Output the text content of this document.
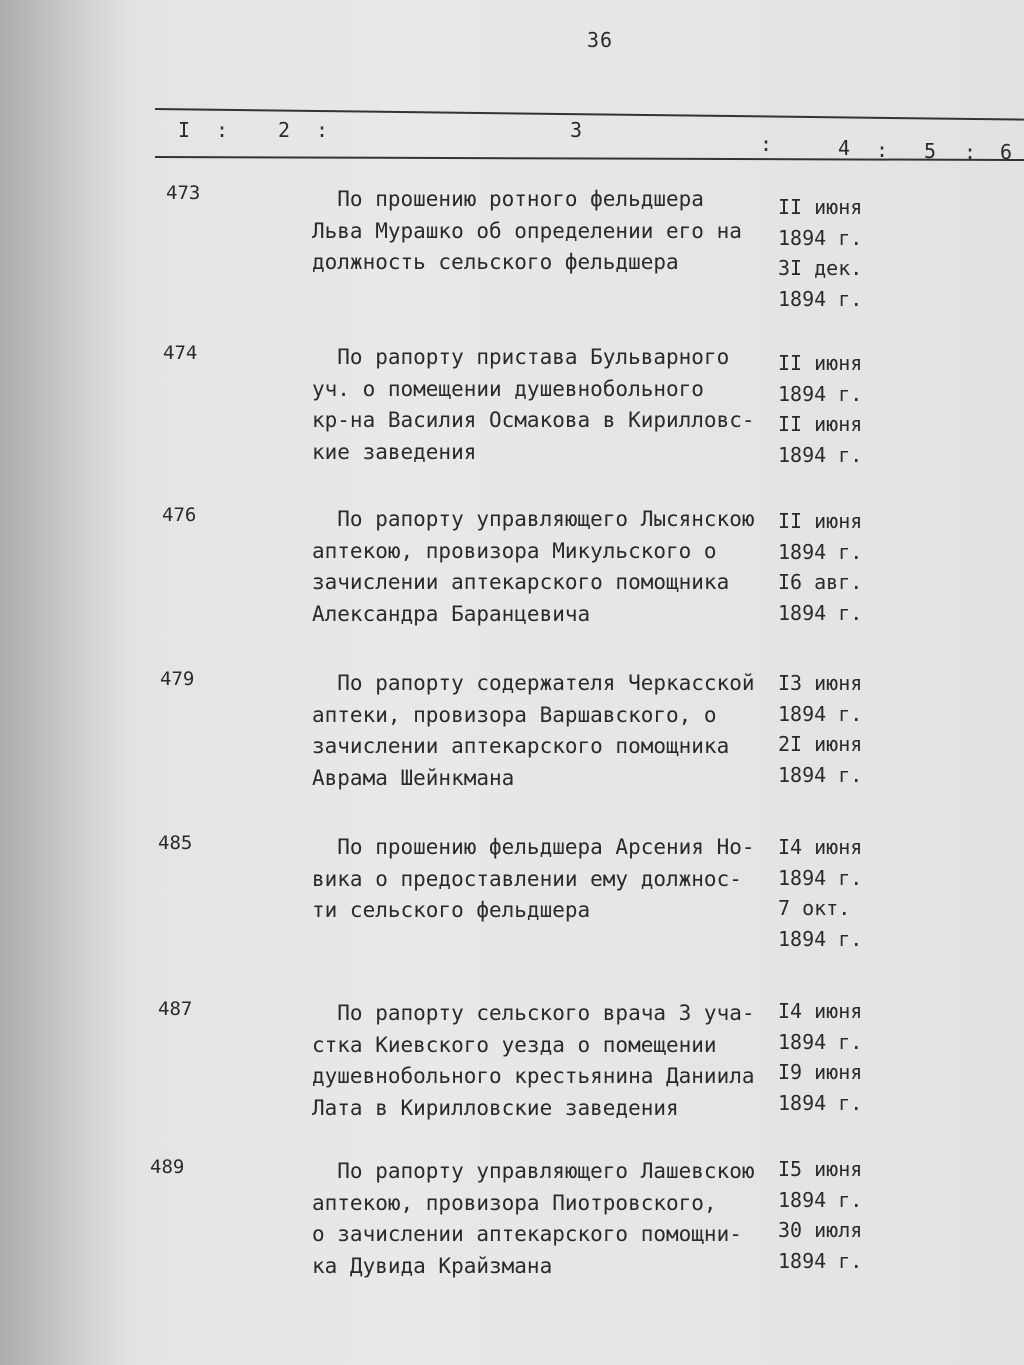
36
I : 2 :	3
:	4 : 5 : 6
473	По прошению ротного фельдшера
Льва Мурашко об определении его на
должность сельского фельдшера
II июня
1894 г.
3I дек.
1894 г.
474	По рапорту пристава Бульварного
уч. о помещении душевнобольного
кр-на Василия Осмакова в Кирилловс-
кие заведения
II июня
1894 г.
II июня
1894 г.
476	По рапорту управляющего Лысянскою
аптекою, провизора Микульского о
зачислении аптекарского помощника
Александра Баранцевича
II июня
1894 г.
I6 авг.
1894 г.
479	По рапорту содержателя Черкасской
аптеки, провизора Варшавского, о
зачислении аптекарского помощника
Аврама Шейнкмана
I3 июня
1894 г.
2I июня
1894 г.
485	По прошению фельдшера Арсения Но-
вика о предоставлении ему должнос-
ти сельского фельдшера
I4 июня
1894 г.
7 окт.
1894 г.
487	По рапорту сельского врача 3 уча-
стка Киевского уезда о помещении
душевнобольного крестьянина Даниила
Лата в Кирилловские заведения
I4 июня
1894 г.
I9 июня
1894 г.
489	По рапорту управляющего Лашевскою
аптекою, провизора Пиотровского,
о зачислении аптекарского помощни-
ка Дувида Крайзмана
I5 июня
1894 г.
30 июля
1894 г.
